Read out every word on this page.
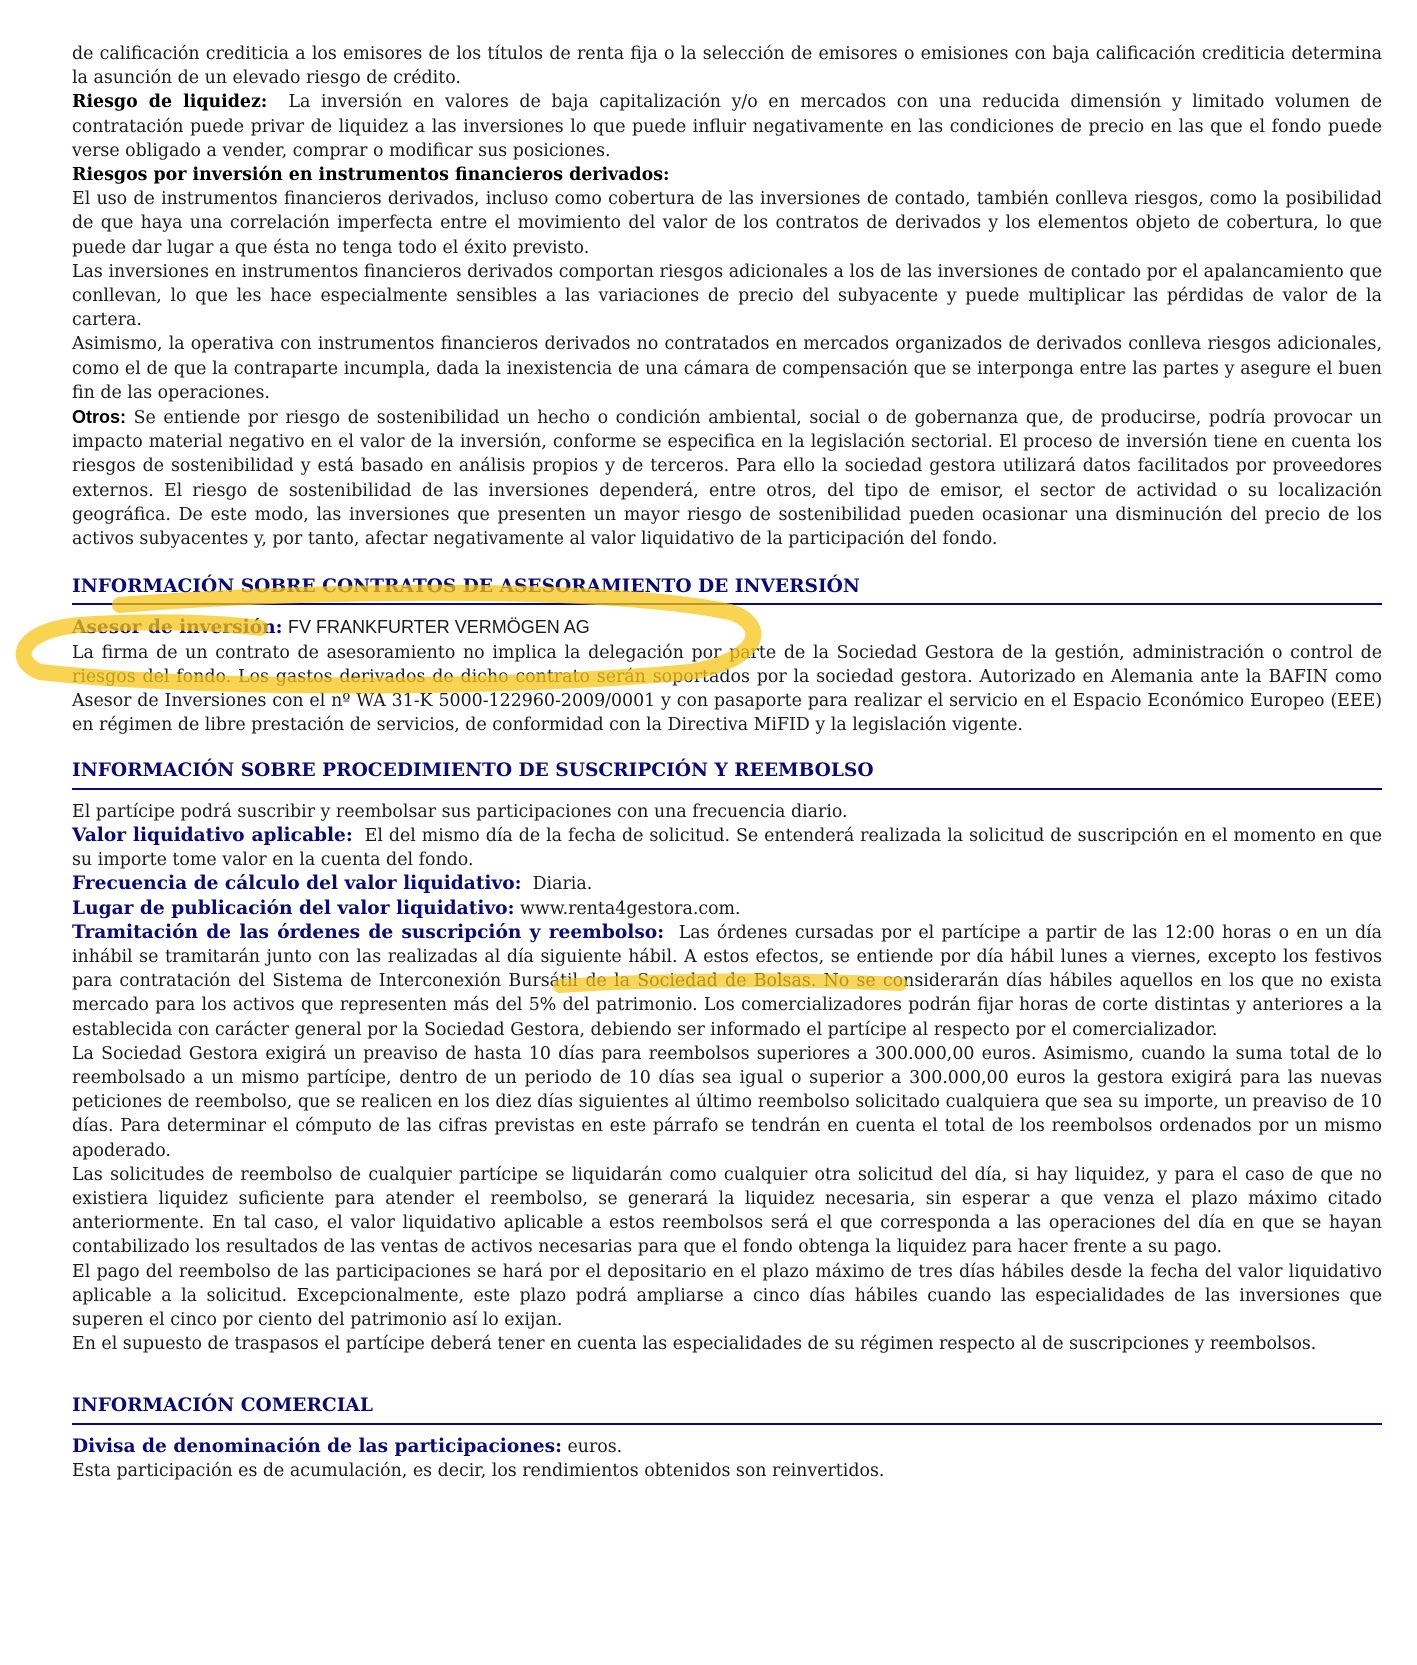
de calificación crediticia a los emisores de los títulos de renta fija o la selección de emisores o emisiones con baja calificación crediticia determina la asunción de un elevado riesgo de crédito.

Riesgo de liquidez: La inversión en valores de baja capitalización y/o en mercados con una reducida dimensión y limitado volumen de contratación puede privar de liquidez a las inversiones lo que puede influir negativamente en las condiciones de precio en las que el fondo puede verse obligado a vender, comprar o modificar sus posiciones.

Riesgos por inversión en instrumentos financieros derivados:

El uso de instrumentos financieros derivados, incluso como cobertura de las inversiones de contado, también conlleva riesgos, como la posibilidad de que haya una correlación imperfecta entre el movimiento del valor de los contratos de derivados y los elementos objeto de cobertura, lo que puede dar lugar a que ésta no tenga todo el éxito previsto.

Las inversiones en instrumentos financieros derivados comportan riesgos adicionales a los de las inversiones de contado por el apalancamiento que conllevan, lo que les hace especialmente sensibles a las variaciones de precio del subyacente y puede multiplicar las pérdidas de valor de la cartera.

Asimismo, la operativa con instrumentos financieros derivados no contratados en mercados organizados de derivados conlleva riesgos adicionales, como el de que la contraparte incumpla, dada la inexistencia de una cámara de compensación que se interponga entre las partes y asegure el buen fin de las operaciones.

Otros: Se entiende por riesgo de sostenibilidad un hecho o condición ambiental, social o de gobernanza que, de producirse, podría provocar un impacto material negativo en el valor de la inversión, conforme se especifica en la legislación sectorial. El proceso de inversión tiene en cuenta los riesgos de sostenibilidad y está basado en análisis propios y de terceros. Para ello la sociedad gestora utilizará datos facilitados por proveedores externos. El riesgo de sostenibilidad de las inversiones dependerá, entre otros, del tipo de emisor, el sector de actividad o su localización geográfica. De este modo, las inversiones que presenten un mayor riesgo de sostenibilidad pueden ocasionar una disminución del precio de los activos subyacentes y, por tanto, afectar negativamente al valor liquidativo de la participación del fondo.

INFORMACIÓN SOBRE CONTRATOS DE ASESORAMIENTO DE INVERSIÓN

Asesor de inversión: FV FRANKFURTER VERMÖGEN AG

La firma de un contrato de asesoramiento no implica la delegación por parte de la Sociedad Gestora de la gestión, administración o control de riesgos del fondo. Los gastos derivados de dicho contrato serán soportados por la sociedad gestora. Autorizado en Alemania ante la BAFIN como Asesor de Inversiones con el nº WA 31-K 5000-122960-2009/0001 y con pasaporte para realizar el servicio en el Espacio Económico Europeo (EEE) en régimen de libre prestación de servicios, de conformidad con la Directiva MiFID y la legislación vigente.

INFORMACIÓN SOBRE PROCEDIMIENTO DE SUSCRIPCIÓN Y REEMBOLSO

El partícipe podrá suscribir y reembolsar sus participaciones con una frecuencia diario.

Valor liquidativo aplicable: El del mismo día de la fecha de solicitud. Se entenderá realizada la solicitud de suscripción en el momento en que su importe tome valor en la cuenta del fondo.

Frecuencia de cálculo del valor liquidativo: Diaria.

Lugar de publicación del valor liquidativo: www.renta4gestora.com.

Tramitación de las órdenes de suscripción y reembolso: Las órdenes cursadas por el partícipe a partir de las 12:00 horas o en un día inhábil se tramitarán junto con las realizadas al día siguiente hábil. A estos efectos, se entiende por día hábil lunes a viernes, excepto los festivos para contratación del Sistema de Interconexión Bursátil de la Sociedad de Bolsas. No se considerarán días hábiles aquellos en los que no exista mercado para los activos que representen más del 5% del patrimonio. Los comercializadores podrán fijar horas de corte distintas y anteriores a la establecida con carácter general por la Sociedad Gestora, debiendo ser informado el partícipe al respecto por el comercializador.

La Sociedad Gestora exigirá un preaviso de hasta 10 días para reembolsos superiores a 300.000,00 euros. Asimismo, cuando la suma total de lo reembolsado a un mismo partícipe, dentro de un periodo de 10 días sea igual o superior a 300.000,00 euros la gestora exigirá para las nuevas peticiones de reembolso, que se realicen en los diez días siguientes al último reembolso solicitado cualquiera que sea su importe, un preaviso de 10 días. Para determinar el cómputo de las cifras previstas en este párrafo se tendrán en cuenta el total de los reembolsos ordenados por un mismo apoderado.

Las solicitudes de reembolso de cualquier partícipe se liquidarán como cualquier otra solicitud del día, si hay liquidez, y para el caso de que no existiera liquidez suficiente para atender el reembolso, se generará la liquidez necesaria, sin esperar a que venza el plazo máximo citado anteriormente. En tal caso, el valor liquidativo aplicable a estos reembolsos será el que corresponda a las operaciones del día en que se hayan contabilizado los resultados de las ventas de activos necesarias para que el fondo obtenga la liquidez para hacer frente a su pago.

El pago del reembolso de las participaciones se hará por el depositario en el plazo máximo de tres días hábiles desde la fecha del valor liquidativo aplicable a la solicitud. Excepcionalmente, este plazo podrá ampliarse a cinco días hábiles cuando las especialidades de las inversiones que superen el cinco por ciento del patrimonio así lo exijan.

En el supuesto de traspasos el partícipe deberá tener en cuenta las especialidades de su régimen respecto al de suscripciones y reembolsos.

INFORMACIÓN COMERCIAL

Divisa de denominación de las participaciones: euros.

Esta participación es de acumulación, es decir, los rendimientos obtenidos son reinvertidos.
